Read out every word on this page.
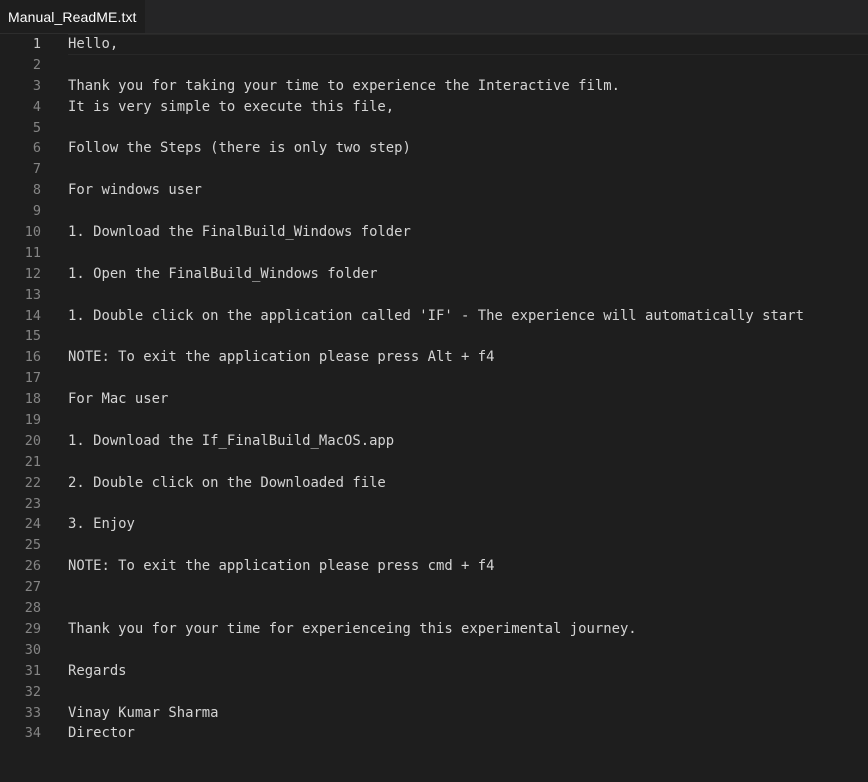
Manual_ReadME.txt
1 Hello,
2
3 Thank you for taking your time to experience the Interactive film.
4 It is very simple to execute this file,
5
6 Follow the Steps (there is only two step)
7
8 For windows user
9
10 1. Download the FinalBuild_Windows folder
11
12 1. Open the FinalBuild_Windows folder
13
14 1. Double click on the application called 'IF' - The experience will automatically start
15
16 NOTE: To exit the application please press Alt + f4
17
18 For Mac user
19
20 1. Download the If_FinalBuild_MacOS.app
21
22 2. Double click on the Downloaded file
23
24 3. Enjoy
25
26 NOTE: To exit the application please press cmd + f4
27
28
29 Thank you for your time for experienceing this experimental journey.
30
31 Regards
32
33 Vinay Kumar Sharma
34 Director
